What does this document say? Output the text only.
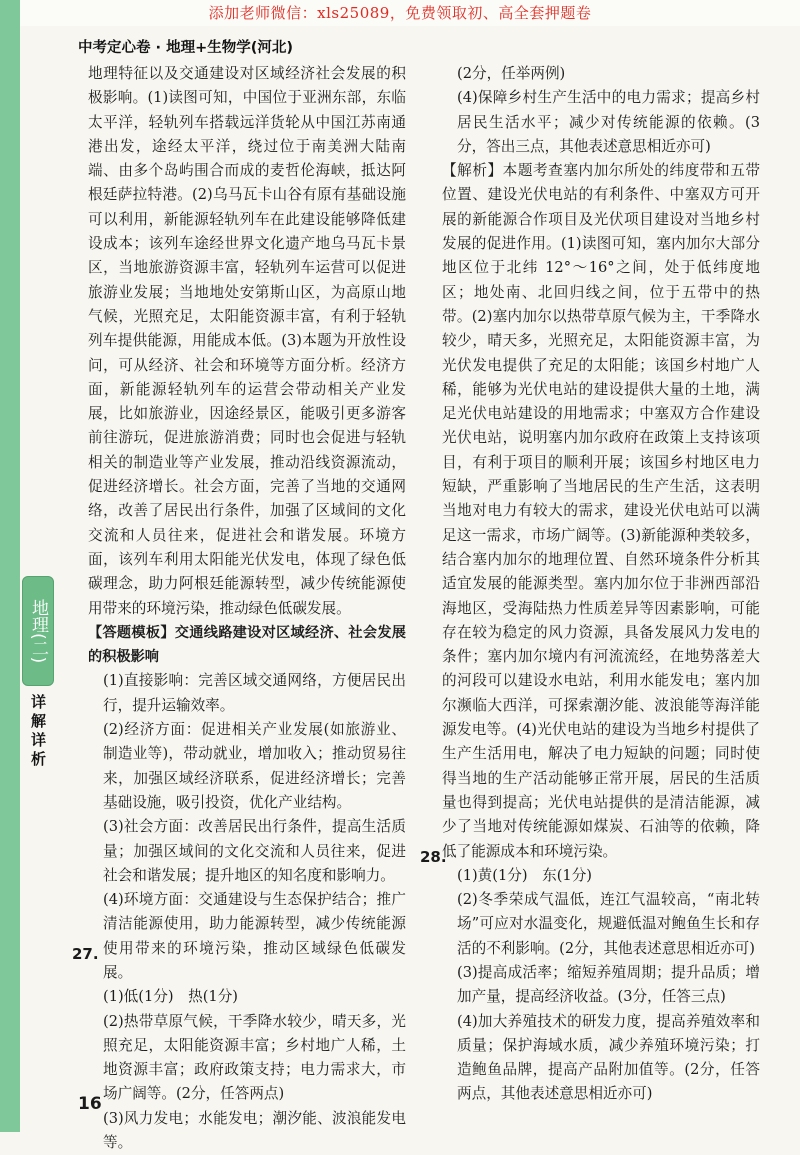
添加老师微信：xls25089，免费领取初、高全套押题卷
地理(二)
详解详析
中考定心卷 · 地理+生物学(河北)

地理特征以及交通建设对区域经济社会发展的积极影响。(1)读图可知，中国位于亚洲东部，东临太平洋，轻轨列车搭载远洋货轮从中国江苏南通港出发，途经太平洋，绕过位于南美洲大陆南端、由多个岛屿围合而成的麦哲伦海峡，抵达阿根廷萨拉特港。(2)乌马瓦卡山谷有原有基础设施可以利用，新能源轻轨列车在此建设能够降低建设成本；该列车途经世界文化遗产地乌马瓦卡景区，当地旅游资源丰富，轻轨列车运营可以促进旅游业发展；当地地处安第斯山区，为高原山地气候，光照充足，太阳能资源丰富，有利于轻轨列车提供能源，用能成本低。(3)本题为开放性设问，可从经济、社会和环境等方面分析。经济方面，新能源轻轨列车的运营会带动相关产业发展，比如旅游业，因途经景区，能吸引更多游客前往游玩，促进旅游消费；同时也会促进与轻轨相关的制造业等产业发展，推动沿线资源流动，促进经济增长。社会方面，完善了当地的交通网络，改善了居民出行条件，加强了区域间的文化交流和人员往来，促进社会和谐发展。环境方面，该列车利用太阳能光伏发电，体现了绿色低碳理念，助力阿根廷能源转型，减少传统能源使用带来的环境污染，推动绿色低碳发展。

【答题模板】交通线路建设对区域经济、社会发展的积极影响

(1)直接影响：完善区域交通网络，方便居民出行，提升运输效率。

(2)经济方面：促进相关产业发展(如旅游业、制造业等)，带动就业，增加收入；推动贸易往来，加强区域经济联系，促进经济增长；完善基础设施，吸引投资，优化产业结构。

(3)社会方面：改善居民出行条件，提高生活质量；加强区域间的文化交流和人员往来，促进社会和谐发展；提升地区的知名度和影响力。

(4)环境方面：交通建设与生态保护结合；推广清洁能源使用，助力能源转型，减少传统能源使用带来的环境污染，推动区域绿色低碳发展。

(1)低(1分)　热(1分)

(2)热带草原气候，干季降水较少，晴天多，光照充足，太阳能资源丰富；乡村地广人稀，土地资源丰富；政府政策支持；电力需求大，市场广阔等。(2分，任答两点)

(3)风力发电；水能发电；潮汐能、波浪能发电等。

27.

(2分，任举两例)

(4)保障乡村生产生活中的电力需求；提高乡村居民生活水平；减少对传统能源的依赖。(3分，答出三点，其他表述意思相近亦可)

【解析】本题考查塞内加尔所处的纬度带和五带位置、建设光伏电站的有利条件、中塞双方可开展的新能源合作项目及光伏项目建设对当地乡村发展的促进作用。(1)读图可知，塞内加尔大部分地区位于北纬 12°～16°之间，处于低纬度地区；地处南、北回归线之间，位于五带中的热带。(2)塞内加尔以热带草原气候为主，干季降水较少，晴天多，光照充足，太阳能资源丰富，为光伏发电提供了充足的太阳能；该国乡村地广人稀，能够为光伏电站的建设提供大量的土地，满足光伏电站建设的用地需求；中塞双方合作建设光伏电站，说明塞内加尔政府在政策上支持该项目，有利于项目的顺利开展；该国乡村地区电力短缺，严重影响了当地居民的生产生活，这表明当地对电力有较大的需求，建设光伏电站可以满足这一需求，市场广阔等。(3)新能源种类较多，结合塞内加尔的地理位置、自然环境条件分析其适宜发展的能源类型。塞内加尔位于非洲西部沿海地区，受海陆热力性质差异等因素影响，可能存在较为稳定的风力资源，具备发展风力发电的条件；塞内加尔境内有河流流经，在地势落差大的河段可以建设水电站，利用水能发电；塞内加尔濒临大西洋，可探索潮汐能、波浪能等海洋能源发电等。(4)光伏电站的建设为当地乡村提供了生产生活用电，解决了电力短缺的问题；同时使得当地的生产活动能够正常开展，居民的生活质量也得到提高；光伏电站提供的是清洁能源，减少了当地对传统能源如煤炭、石油等的依赖，降低了能源成本和环境污染。

(1)黄(1分)　东(1分)

(2)冬季荣成气温低，连江气温较高，“南北转场”可应对水温变化，规避低温对鲍鱼生长和存活的不利影响。(2分，其他表述意思相近亦可)

(3)提高成活率；缩短养殖周期；提升品质；增加产量，提高经济收益。(3分，任答三点)

(4)加大养殖技术的研发力度，提高养殖效率和质量；保护海域水质，减少养殖环境污染；打造鲍鱼品牌，提高产品附加值等。(2分，任答两点，其他表述意思相近亦可)

28.
16
